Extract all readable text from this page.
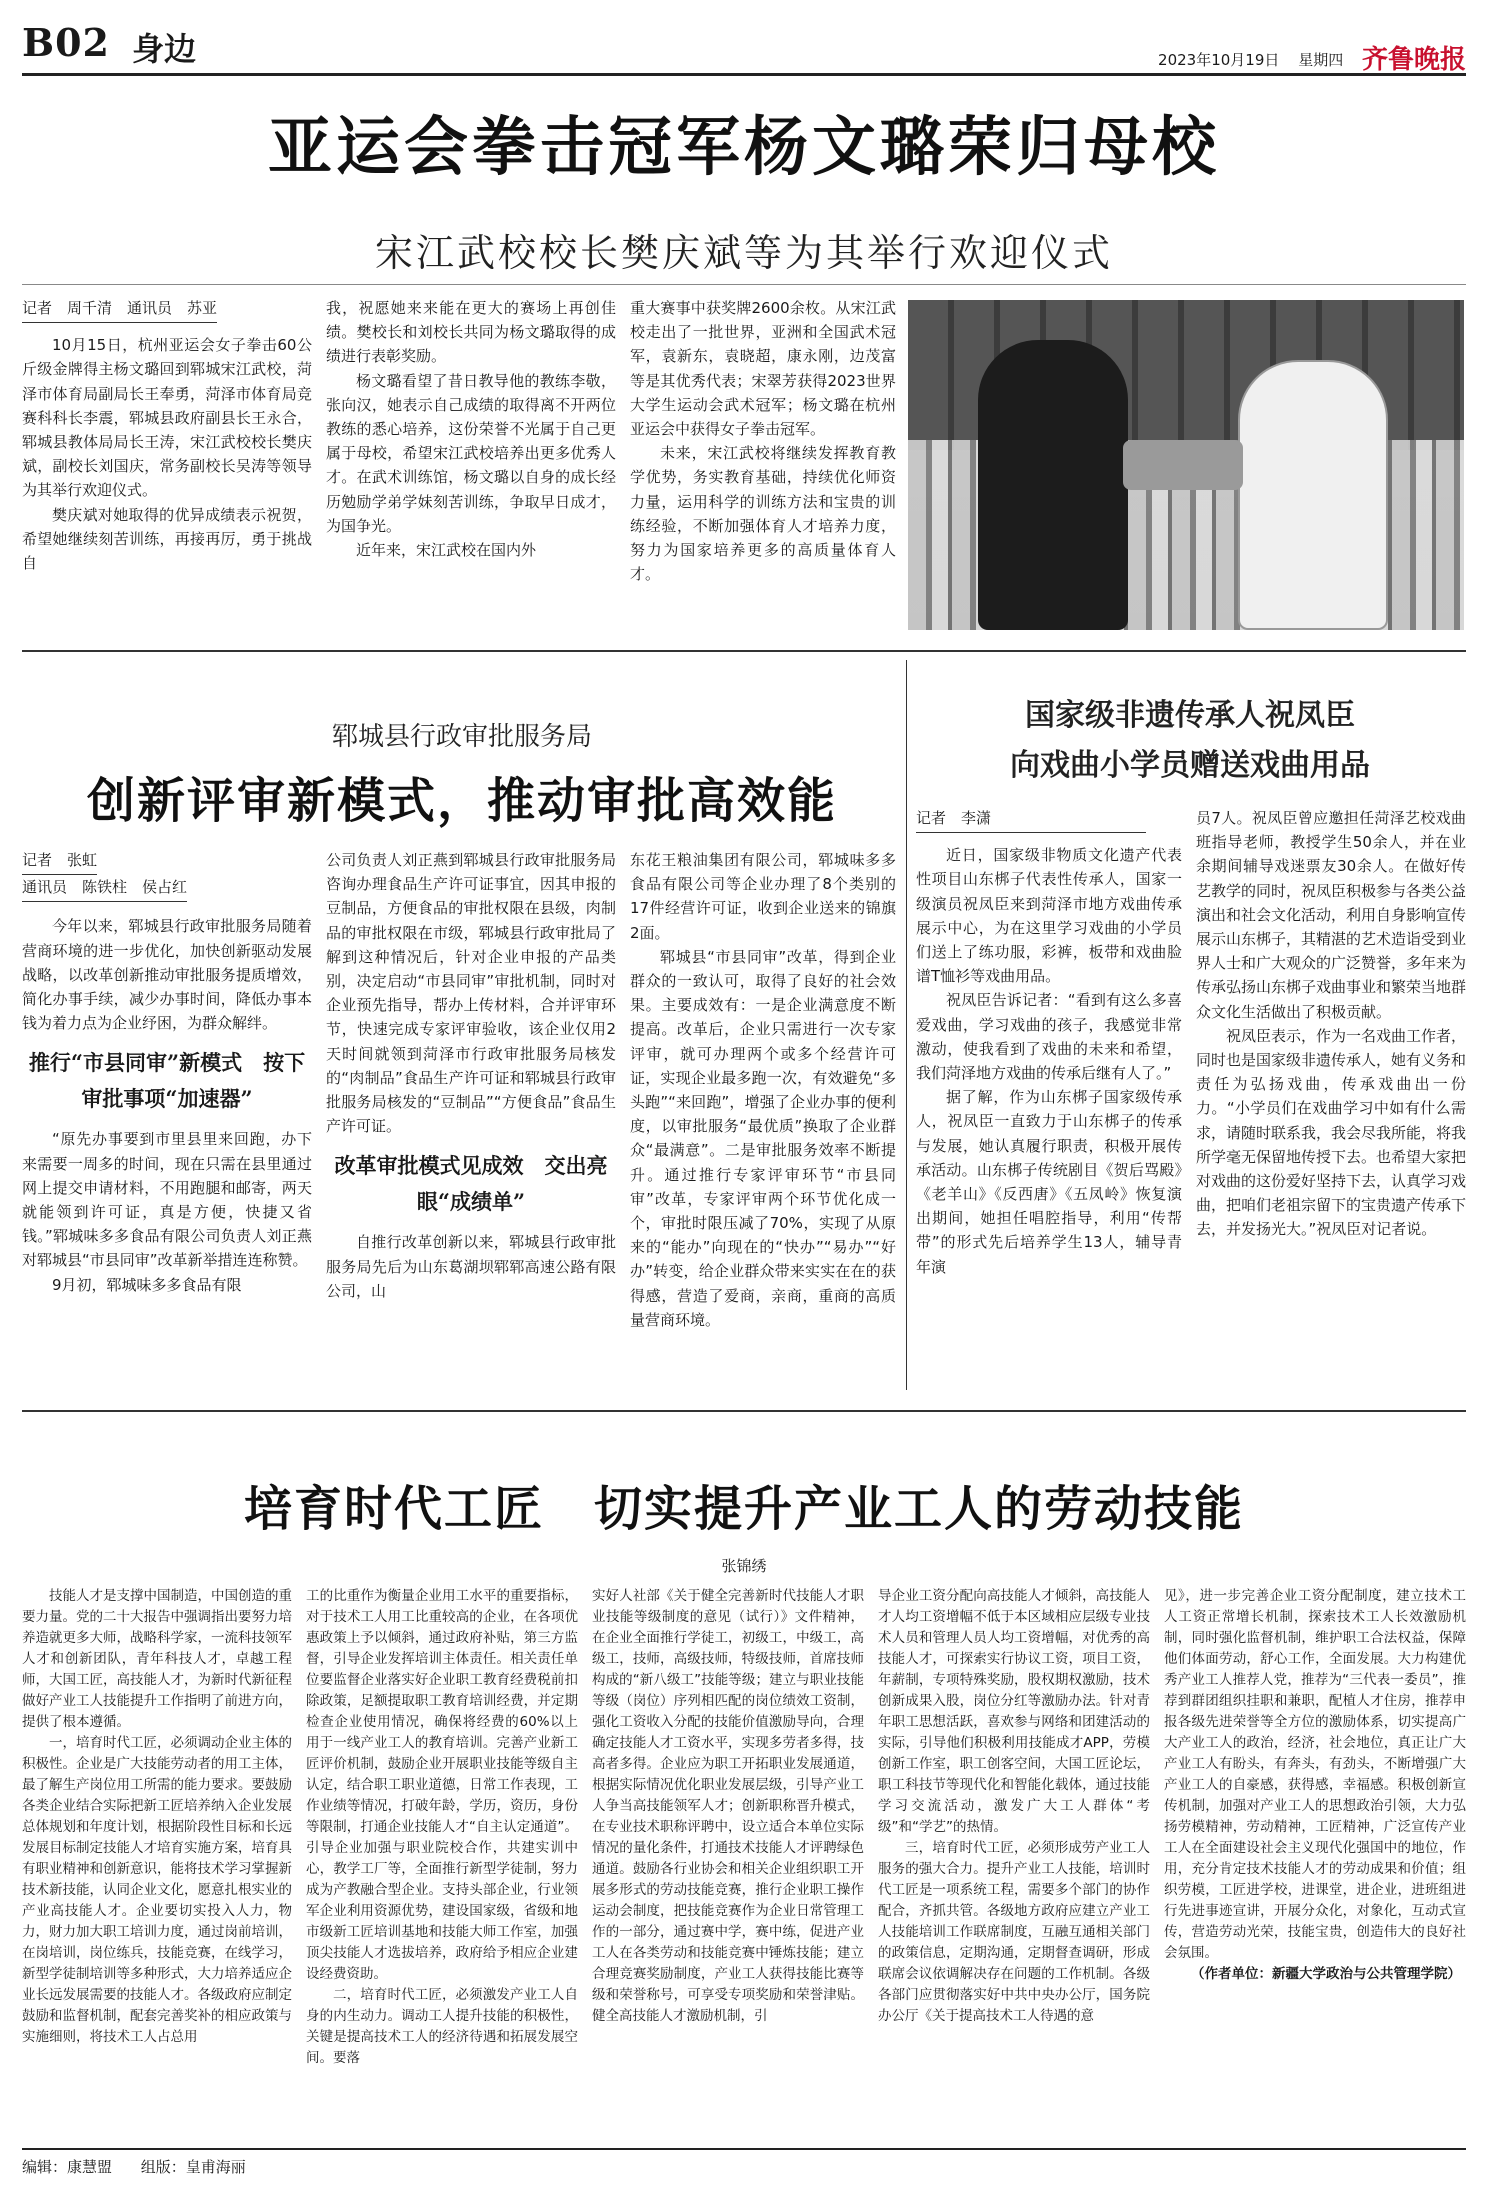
B02 身边	2023年10月19日 星期四 齐鲁晚报
亚运会拳击冠军杨文璐荣归母校
宋江武校校长樊庆斌等为其举行欢迎仪式

记者　周千清　通讯员　苏亚

10月15日，杭州亚运会女子拳击60公斤级金牌得主杨文璐回到郓城宋江武校，菏泽市体育局副局长王奉勇，菏泽市体育局竞赛科科长李震，郓城县政府副县长王永合，郓城县教体局局长王涛，宋江武校校长樊庆斌，副校长刘国庆，常务副校长吴涛等领导为其举行欢迎仪式。

樊庆斌对她取得的优异成绩表示祝贺，希望她继续刻苦训练，再接再厉，勇于挑战自

我，祝愿她来来能在更大的赛场上再创佳绩。樊校长和刘校长共同为杨文璐取得的成绩进行表彰奖励。

杨文璐看望了昔日教导他的教练李敬，张向汉，她表示自己成绩的取得离不开两位教练的悉心培养，这份荣誉不光属于自己更属于母校，希望宋江武校培养出更多优秀人才。在武术训练馆，杨文璐以自身的成长经历勉励学弟学妹刻苦训练，争取早日成才，为国争光。

近年来，宋江武校在国内外

重大赛事中获奖牌2600余枚。从宋江武校走出了一批世界，亚洲和全国武术冠军，袁新东，袁晓超，康永刚，边茂富等是其优秀代表；宋翠芳获得2023世界大学生运动会武术冠军；杨文璐在杭州亚运会中获得女子拳击冠军。

未来，宋江武校将继续发挥教育教学优势，务实教育基础，持续优化师资力量，运用科学的训练方法和宝贵的训练经验，不断加强体育人才培养力度，努力为国家培养更多的高质量体育人才。

郓城县行政审批服务局
创新评审新模式，推动审批高效能

记者　张虹

通讯员　陈铁柱　侯占红

今年以来，郓城县行政审批服务局随着营商环境的进一步优化，加快创新驱动发展战略，以改革创新推动审批服务提质增效，简化办事手续，减少办事时间，降低办事本钱为着力点为企业纾困，为群众解绊。

推行“市县同审”新模式　按下审批事项“加速器”

“原先办事要到市里县里来回跑，办下来需要一周多的时间，现在只需在县里通过网上提交申请材料，不用跑腿和邮寄，两天就能领到许可证，真是方便，快捷又省钱。”郓城味多多食品有限公司负责人刘正燕对郓城县“市县同审”改革新举措连连称赞。

9月初，郓城味多多食品有限

公司负责人刘正燕到郓城县行政审批服务局咨询办理食品生产许可证事宜，因其申报的豆制品，方便食品的审批权限在县级，肉制品的审批权限在市级，郓城县行政审批局了解到这种情况后，针对企业申报的产品类别，决定启动“市县同审”审批机制，同时对企业预先指导，帮办上传材料，合并评审环节，快速完成专家评审验收，该企业仅用2天时间就领到菏泽市行政审批服务局核发的“肉制品”食品生产许可证和郓城县行政审批服务局核发的“豆制品”“方便食品”食品生产许可证。

改革审批模式见成效　交出亮眼“成绩单”

自推行改革创新以来，郓城县行政审批服务局先后为山东葛湖坝郓郓高速公路有限公司，山

东花王粮油集团有限公司，郓城味多多食品有限公司等企业办理了8个类别的17件经营许可证，收到企业送来的锦旗2面。

郓城县“市县同审”改革，得到企业群众的一致认可，取得了良好的社会效果。主要成效有：一是企业满意度不断提高。改革后，企业只需进行一次专家评审，就可办理两个或多个经营许可证，实现企业最多跑一次，有效避免“多头跑”“来回跑”，增强了企业办事的便利度，以审批服务“最优质”换取了企业群众“最满意”。二是审批服务效率不断提升。通过推行专家评审环节“市县同审”改革，专家评审两个环节优化成一个，审批时限压减了70%，实现了从原来的“能办”向现在的“快办”“易办”“好办”转变，给企业群众带来实实在在的获得感，营造了爱商，亲商，重商的高质量营商环境。

国家级非遗传承人祝凤臣
向戏曲小学员赠送戏曲用品

记者　李潇

近日，国家级非物质文化遗产代表性项目山东梆子代表性传承人，国家一级演员祝凤臣来到菏泽市地方戏曲传承展示中心，为在这里学习戏曲的小学员们送上了练功服，彩裤，板带和戏曲脸谱T恤衫等戏曲用品。

祝凤臣告诉记者：“看到有这么多喜爱戏曲，学习戏曲的孩子，我感觉非常激动，使我看到了戏曲的未来和希望，我们菏泽地方戏曲的传承后继有人了。”

据了解，作为山东梆子国家级传承人，祝凤臣一直致力于山东梆子的传承与发展，她认真履行职责，积极开展传承活动。山东梆子传统剧目《贺后骂殿》《老羊山》《反西唐》《五凤岭》恢复演出期间，她担任唱腔指导，利用“传帮带”的形式先后培养学生13人，辅导青年演

员7人。祝凤臣曾应邀担任菏泽艺校戏曲班指导老师，教授学生50余人，并在业余期间辅导戏迷票友30余人。在做好传艺教学的同时，祝凤臣积极参与各类公益演出和社会文化活动，利用自身影响宣传展示山东梆子，其精湛的艺术造诣受到业界人士和广大观众的广泛赞誉，多年来为传承弘扬山东梆子戏曲事业和繁荣当地群众文化生活做出了积极贡献。

祝凤臣表示，作为一名戏曲工作者，同时也是国家级非遗传承人，她有义务和责任为弘扬戏曲，传承戏曲出一份力。“小学员们在戏曲学习中如有什么需求，请随时联系我，我会尽我所能，将我所学毫无保留地传授下去。也希望大家把对戏曲的这份爱好坚持下去，认真学习戏曲，把咱们老祖宗留下的宝贵遗产传承下去，并发扬光大。”祝凤臣对记者说。

培育时代工匠　切实提升产业工人的劳动技能
张锦绣

技能人才是支撑中国制造，中国创造的重要力量。党的二十大报告中强调指出要努力培养造就更多大师，战略科学家，一流科技领军人才和创新团队，青年科技人才，卓越工程师，大国工匠，高技能人才，为新时代新征程做好产业工人技能提升工作指明了前进方向，提供了根本遵循。

一，培育时代工匠，必须调动企业主体的积极性。企业是广大技能劳动者的用工主体，最了解生产岗位用工所需的能力要求。要鼓励各类企业结合实际把新工匠培养纳入企业发展总体规划和年度计划，根据阶段性目标和长远发展目标制定技能人才培育实施方案，培育具有职业精神和创新意识，能将技术学习掌握新技术新技能，认同企业文化，愿意扎根实业的产业高技能人才。企业要切实投入人力，物力，财力加大职工培训力度，通过岗前培训，在岗培训，岗位练兵，技能竞赛，在线学习，新型学徒制培训等多种形式，大力培养适应企业长远发展需要的技能人才。各级政府应制定鼓励和监督机制，配套完善奖补的相应政策与实施细则，将技术工人占总用

工的比重作为衡量企业用工水平的重要指标，对于技术工人用工比重较高的企业，在各项优惠政策上予以倾斜，通过政府补贴，第三方监督，引导企业发挥培训主体责任。相关责任单位要监督企业落实好企业职工教育经费税前扣除政策，足额提取职工教育培训经费，并定期检查企业使用情况，确保将经费的60%以上用于一线产业工人的教育培训。完善产业新工匠评价机制，鼓励企业开展职业技能等级自主认定，结合职工职业道德，日常工作表现，工作业绩等情况，打破年龄，学历，资历，身份等限制，打通企业技能人才“自主认定通道”。引导企业加强与职业院校合作，共建实训中心，教学工厂等，全面推行新型学徒制，努力成为产教融合型企业。支持头部企业，行业领军企业利用资源优势，建设国家级，省级和地市级新工匠培训基地和技能大师工作室，加强顶尖技能人才选拔培养，政府给予相应企业建设经费资助。

二，培育时代工匠，必须激发产业工人自身的内生动力。调动工人提升技能的积极性，关键是提高技术工人的经济待遇和拓展发展空间。要落

实好人社部《关于健全完善新时代技能人才职业技能等级制度的意见（试行）》文件精神，在企业全面推行学徒工，初级工，中级工，高级工，技师，高级技师，特级技师，首席技师构成的“新八级工”技能等级；建立与职业技能等级（岗位）序列相匹配的岗位绩效工资制，强化工资收入分配的技能价值激励导向，合理确定技能人才工资水平，实现多劳者多得，技高者多得。企业应为职工开拓职业发展通道，根据实际情况优化职业发展层级，引导产业工人争当高技能领军人才；创新职称晋升模式，在专业技术职称评聘中，设立适合本单位实际情况的量化条件，打通技术技能人才评聘绿色通道。鼓励各行业协会和相关企业组织职工开展多形式的劳动技能竞赛，推行企业职工操作运动会制度，把技能竞赛作为企业日常管理工作的一部分，通过赛中学，赛中练，促进产业工人在各类劳动和技能竞赛中锤炼技能；建立合理竞赛奖励制度，产业工人获得技能比赛等级和荣誉称号，可享受专项奖励和荣誉津贴。健全高技能人才激励机制，引

导企业工资分配向高技能人才倾斜，高技能人才人均工资增幅不低于本区域相应层级专业技术人员和管理人员人均工资增幅，对优秀的高技能人才，可探索实行协议工资，项目工资，年薪制，专项特殊奖励，股权期权激励，技术创新成果入股，岗位分红等激励办法。针对青年职工思想活跃，喜欢参与网络和团建活动的实际，引导他们积极利用技能成才APP，劳模创新工作室，职工创客空间，大国工匠论坛，职工科技节等现代化和智能化载体，通过技能学习交流活动，激发广大工人群体“考级”和“学艺”的热情。

三，培育时代工匠，必须形成劳产业工人服务的强大合力。提升产业工人技能，培训时代工匠是一项系统工程，需要多个部门的协作配合，齐抓共管。各级地方政府应建立产业工人技能培训工作联席制度，互融互通相关部门的政策信息，定期沟通，定期督查调研，形成联席会议依调解决存在问题的工作机制。各级各部门应贯彻落实好中共中央办公厅，国务院办公厅《关于提高技术工人待遇的意

见》，进一步完善企业工资分配制度，建立技术工人工资正常增长机制，探索技术工人长效激励机制，同时强化监督机制，维护职工合法权益，保障他们体面劳动，舒心工作，全面发展。大力构建优秀产业工人推荐人党，推荐为“三代表一委员”，推荐到群团组织挂职和兼职，配植人才住房，推荐申报各级先进荣誉等全方位的激励体系，切实提高广大产业工人的政治，经济，社会地位，真正让广大产业工人有盼头，有奔头，有劲头，不断增强广大产业工人的自豪感，获得感，幸福感。积极创新宣传机制，加强对产业工人的思想政治引领，大力弘扬劳模精神，劳动精神，工匠精神，广泛宣传产业工人在全面建设社会主义现代化强国中的地位，作用，充分肯定技术技能人才的劳动成果和价值；组织劳模，工匠进学校，进课堂，进企业，进班组进行先进事迹宣讲，开展分众化，对象化，互动式宣传，营造劳动光荣，技能宝贵，创造伟大的良好社会氛围。

（作者单位：新疆大学政治与公共管理学院）

编辑：康慧盟 组版：皇甫海丽
